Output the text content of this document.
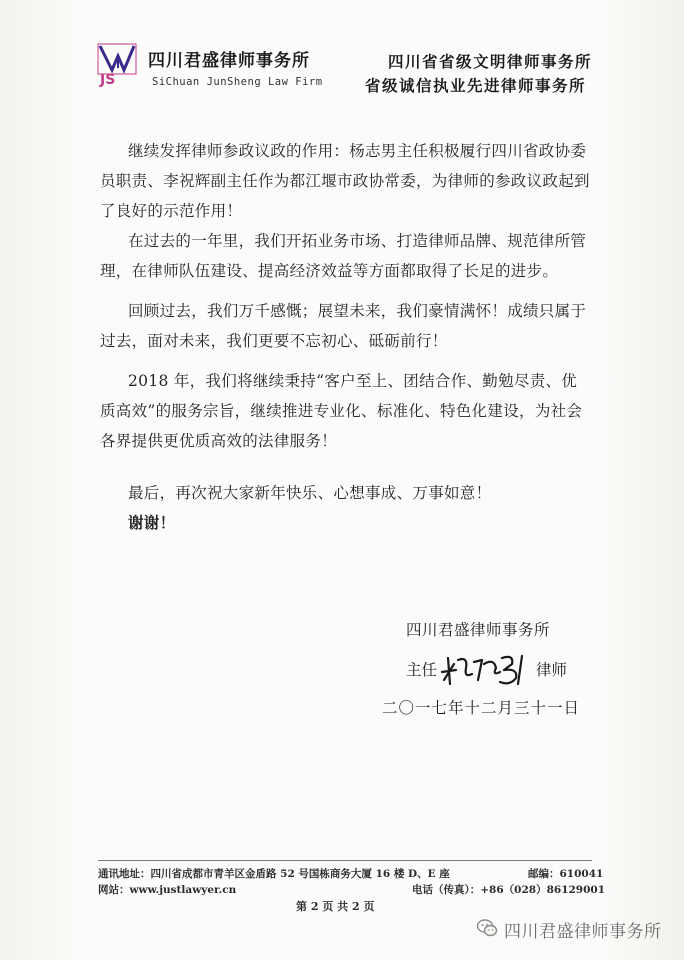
JS
四川君盛律师事务所
SiChuan JunSheng Law Firm
四川省省级文明律师事务所
省级诚信执业先进律师事务所
继续发挥律师参政议政的作用：杨志男主任积极履行四川省政协委员职责、李祝辉副主任作为都江堰市政协常委，为律师的参政议政起到了良好的示范作用！
在过去的一年里，我们开拓业务市场、打造律师品牌、规范律所管理，在律师队伍建设、提高经济效益等方面都取得了长足的进步。
回顾过去，我们万千感慨；展望未来，我们豪情满怀！成绩只属于过去，面对未来，我们更要不忘初心、砥砺前行！
2018 年，我们将继续秉持“客户至上、团结合作、勤勉尽责、优质高效”的服务宗旨，继续推进专业化、标准化、特色化建设，为社会各界提供更优质高效的法律服务！
最后，再次祝大家新年快乐、心想事成、万事如意！
谢谢！
四川君盛律师事务所
主任	律师
二〇一七年十二月三十一日
通讯地址：四川省成都市青羊区金盾路 52 号国栋商务大厦 16 楼 D、E 座	邮编：610041
网站：www.justlawyer.cn	电话（传真）：+86（028）86129001
第 2 页 共 2 页
四川君盛律师事务所
